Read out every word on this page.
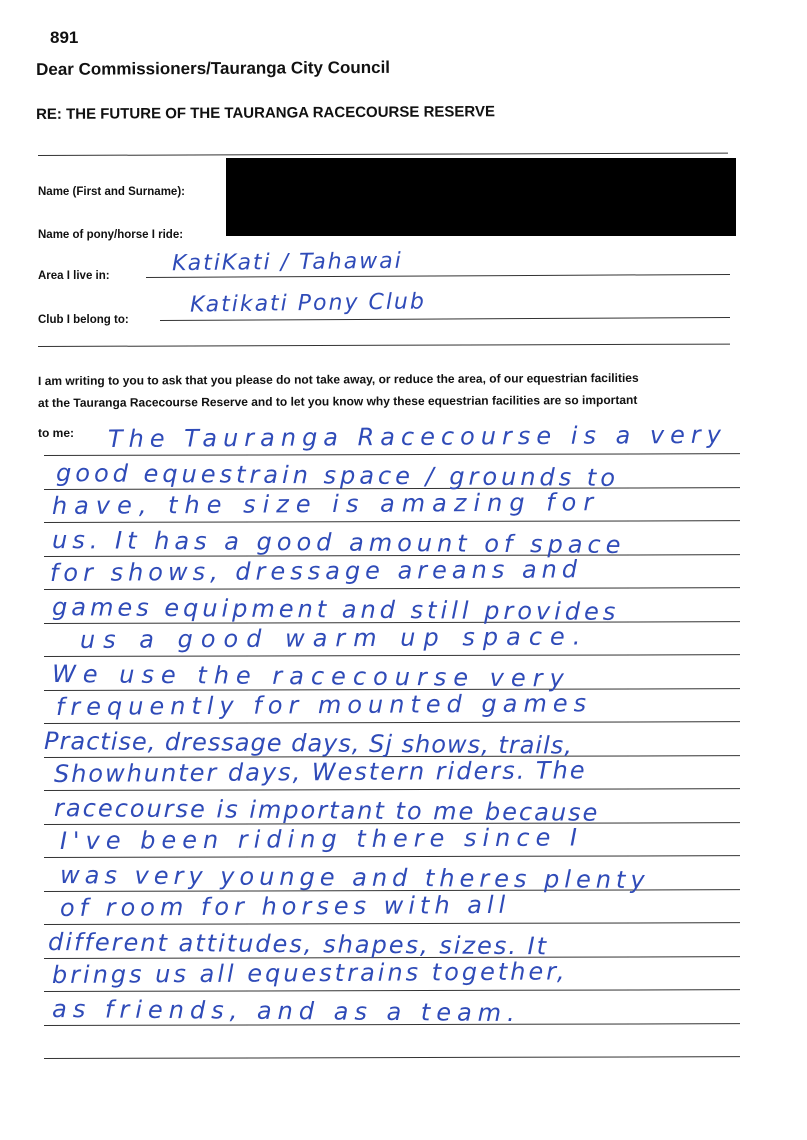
891
Dear Commissioners/Tauranga City Council
RE: THE FUTURE OF THE TAURANGA RACECOURSE RESERVE
Name (First and Surname):
Name of pony/horse I ride:
Area I live in:	KatiKati / Tahawai
Club I belong to:
Katikati Pony Club
I am writing to you to ask that you please do not take away, or reduce the area, of our equestrian facilities
at the Tauranga Racecourse Reserve and to let you know why these equestrian facilities are so important
to me: The Tauranga Racecourse is a very
good equestrain space / grounds to
have, the size is amazing for
us. It has a good amount of space
for shows, dressage areans and
games equipment and still provides
us a good warm up space.
We use the racecourse very
frequently for mounted games
Practise, dressage days, Sj shows, trails,
Showhunter days, Western riders. The
racecourse is important to me because
I've been riding there since I
was very younge and theres plenty
of room for horses with all
different attitudes, shapes, sizes. It
brings us all equestrains together,
as friends, and as a team.
